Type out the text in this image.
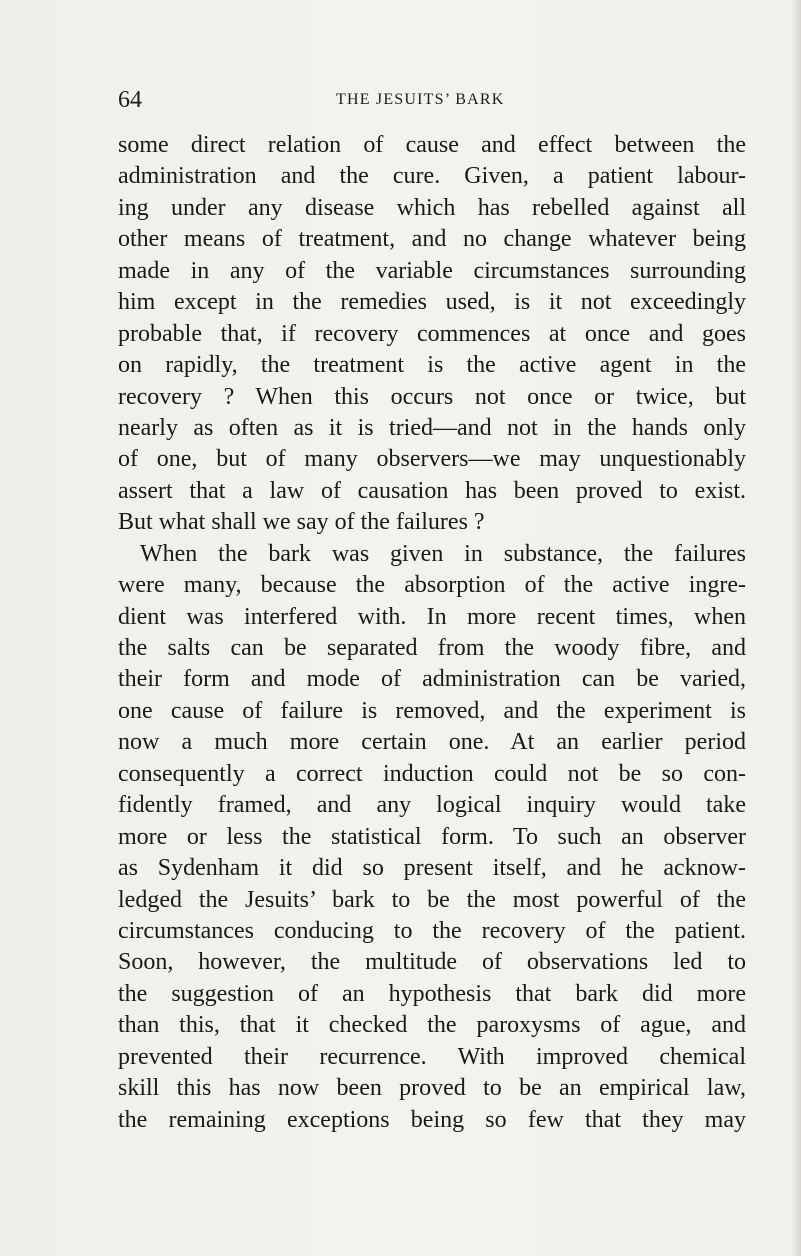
64	THE JESUITS’ BARK
some direct relation of cause and effect between the
administration and the cure. Given, a patient labour-
ing under any disease which has rebelled against all
other means of treatment, and no change whatever being
made in any of the variable circumstances surrounding
him except in the remedies used, is it not exceedingly
probable that, if recovery commences at once and goes
on rapidly, the treatment is the active agent in the
recovery ? When this occurs not once or twice, but
nearly as often as it is tried—and not in the hands only
of one, but of many observers—we may unquestionably
assert that a law of causation has been proved to exist.
But what shall we say of the failures ?
When the bark was given in substance, the failures
were many, because the absorption of the active ingre-
dient was interfered with. In more recent times, when
the salts can be separated from the woody fibre, and
their form and mode of administration can be varied,
one cause of failure is removed, and the experiment is
now a much more certain one. At an earlier period
consequently a correct induction could not be so con-
fidently framed, and any logical inquiry would take
more or less the statistical form. To such an observer
as Sydenham it did so present itself, and he acknow-
ledged the Jesuits’ bark to be the most powerful of the
circumstances conducing to the recovery of the patient.
Soon, however, the multitude of observations led to
the suggestion of an hypothesis that bark did more
than this, that it checked the paroxysms of ague, and
prevented their recurrence. With improved chemical
skill this has now been proved to be an empirical law,
the remaining exceptions being so few that they may
